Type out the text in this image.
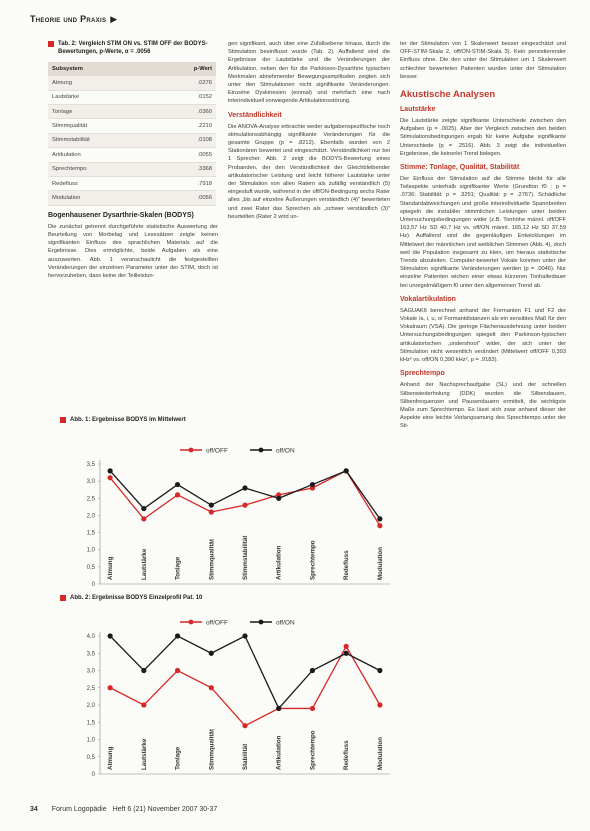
Theorie und Praxis ▶
Tab. 2: Vergleich STIM ON vs. STIM OFF der BODYS-Bewertungen, p-Werte, α = .0056
Subsystem	p-Wert
Atmung	.0276
Lautstärke	.0152
Tonlage	.0360
Stimmqualität	.2210
Stimmstabilität	.0108
Artikulation	.0055
Sprechtempo	.3368
Redefluss	.7918
Modulation	.0056
Bogenhausener Dysarthrie-Skalen (BODYS)

Die zunächst getrennt durchgeführte statistische Auswertung der Beurteilung von Morbelag und Lesesätzen zeigte keinen signifikanten Einfluss des sprachlichen Materials auf die Ergebnisse. Dies ermöglichte, beide Aufgaben als eine auszuwerten. Abb. 1 veranschaulicht die festgestellten Veränderungen der einzelnen Parameter unter der STIM, doch ist hervorzuheben, dass keine der Teilleistun-

gen signifikant, auch über eine Zufallsebene hinaus, durch die Stimulation beeinflusst wurde (Tab. 2). Auffallend sind die Ergebnisse der Lautstärke und die Veränderungen der Artikulation, neben den für die Parkinson-Dysarthrie typischen Merkmalen abnehmender Bewegungsamplituden zeigten sich unter den Stimulationen nicht signifikante Veränderungen. Einzelne Dyskinesien (einmal) und mehrfach eine nach interindividuell vorwiegende Artikulationsstörung.

Verständlichkeit

Die ANOVA-Analyse erbrachte weder aufgabenspezifische noch stimulationsabhängig signifikante Veränderungen für die gesamte Gruppe (p = .8212). Ebenfalls wurden von 2 Stationären bewertet und eingeschätzt. Verständlichkeit nur bei 1 Sprecher. Abb. 2 zeigt die BODYS-Bewertung eines Probanden, der den Verständlichkeit der Gleichbleibender artikulatorischer Leistung und leicht höherer Lautstärke unter der Stimulation von allen Ratern als zufällig verständlich (5) eingestuft wurde, während in der off/ON-Bedingung sechs Rater alles „bis auf einzelne Äußerungen verständlich (4)" bewerteten und zwei Rater das Sprechen als „schwer verständlich (3)" beurteilten (Rater 2 wird un-

ter der Stimulation von 1 Skalenwert besser eingeschätzt und OFF-STIM-Skala 2, off/ON-STIM-Skala 3). Kein persistierender Einfluss ohne. Die den unter der Stimulation um 1 Skalenwert schlechter bewerteten Patienten wurden unter der Stimulation besser.

Akustische Analysen
Lautstärke

Die Lautstärke zeigte signifikante Unterschiede zwischen den Aufgaben (p = .0025). Aber der Vergleich zwischen den beiden Stimulationsbedingungen ergab für keine Aufgabe signifikante Unterschiede (p = .2516). Abb. 3 zeigt die individuellen Ergebnisse, die keinerlei Trend belegen.

Stimme: Tonlage, Qualität, Stabilität

Der Einfluss der Stimulation auf die Stimme bleibt für alle Teilaspekte unterhalb signifikanter Werte (Grundton f0 : p = .0736; Stabilität: p = .3251; Qualität: p = .2767). Schädliche Standardabweichungen und große interindividuelle Spannbreiten spiegeln die instabiler stimmlichen Leistungen unter beiden Untersuchungsbedingungen wider (z.B. Tonhöhe männl. off/OFF 163,57 Hz SD 40,7 Hz vs. off/ON männl. 165,12 Hz SD 37,59 Hz). Auffallend sind die gegenläufigen Entwicklungen im Mittelwert der männlichen und weiblichen Stimmen (Abb. 4), doch weil die Population insgesamt zu klein, um hieraus statistische Trends abzuleiten. Computer-bewertet Vokale konnten unter der Stimulation signifikante Veränderungen werden (p = .0046). Nur einzelne Patienten wichen einer etwas kürzeren Tonhaltedauer bei unregelmäßigem f0 unter den allgemeinen Trend ab.

Vokalartikulation

SAGUAK6 berechnet anhand der Formanten F1 und F2 der Vokale /a, i, u, o/ Formantdistanzen als ein sensibles Maß für den Vokalraum (VSA). Die geringe Flächenausdehnung unter beiden Untersuchungsbedingungen spiegelt den Parkinson-typischen artikulatorischen „undershoot" wider, der sich unter der Stimulation nicht wesentlich verändert (Mittelwert off/OFF 0,393 kHz² vs. off/ON 0,390 kHz², p = .9183).

Sprechtempo

Anhand der Nachsprechaufgabe (SL) und der schnellen Silbenwiederholung (DDK) wurden die Silbendauern, Silbenfrequenzen und Pausendauern ermittelt, die wichtigste Maße zum Sprechtempo. Es lässt sich zwar anhand dieser der Aspekte eine leichte Verlangsamung des Sprechtempo unter der Sti-

Abb. 1: Ergebnisse BODYS im Mittelwert
off/OFF	off/ON
0
0,5
1,0
1,5
2,0
2,5
3,0
3,5
Atmung	Lautstärke	Tonlage	Stimmqualität	Stimmstabilität	Artikulation	Sprechtempo	Redefluss	Modulation
Abb. 2: Ergebnisse BODYS Einzelprofil Pat. 10
off/OFF	off/ON
0
0,5
1,0
1,5
2,0
2,5
3,0
3,5
4,0
Atmung	Lautstärke	Tonlage	Stimmqualität	Stabilität	Artikulation	Sprechtempo	Redefluss	Modulation
34 Forum Logopädie Heft 6 (21) November 2007 30-37
